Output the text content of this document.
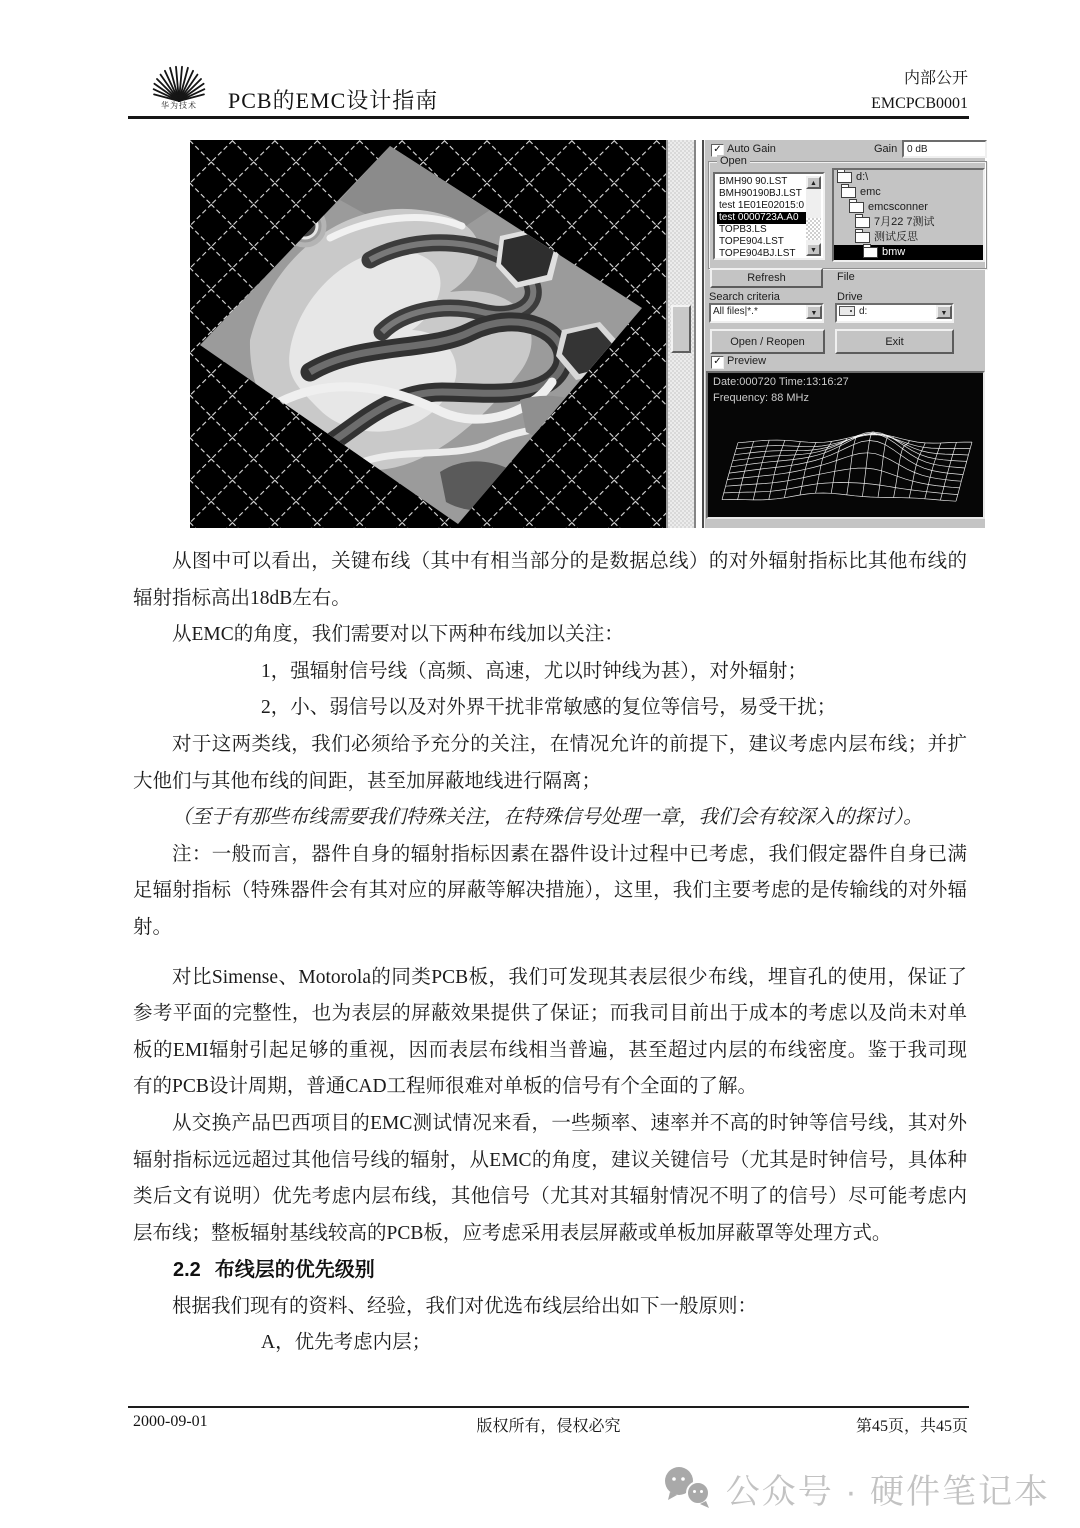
华为技术	PCB的EMC设计指南
内部公开
EMCPCB0001
✓ Auto Gain	Gain 0 dB
Open
BMH90 90.LST
BMH90190BJ.LST
test 1E01E02015:0
test 0000723A.A0
TOPB3.LS
TOPE904.LST
TOPE904BJ.LST
▲
▼
d:\
emc
emcsconner
7月22 7测试
测试反思
bmw
Refresh	File
Search criteria
All files|*.*	▼
Drive
d:	▼
Open / Reopen	Exit
✓ Preview
Date:000720 Time:13:16:27
Frequency: 88 MHz

从图中可以看出，关键布线（其中有相当部分的是数据总线）的对外辐射指标比其他布线的辐射指标高出18dB左右。

从EMC的角度，我们需要对以下两种布线加以关注：

1，强辐射信号线（高频、高速，尤以时钟线为甚），对外辐射；

2，小、弱信号以及对外界干扰非常敏感的复位等信号，易受干扰；

对于这两类线，我们必须给予充分的关注，在情况允许的前提下，建议考虑内层布线；并扩大他们与其他布线的间距，甚至加屏蔽地线进行隔离；

（至于有那些布线需要我们特殊关注，在特殊信号处理一章，我们会有较深入的探讨）。

注：一般而言，器件自身的辐射指标因素在器件设计过程中已考虑，我们假定器件自身已满足辐射指标（特殊器件会有其对应的屏蔽等解决措施），这里，我们主要考虑的是传输线的对外辐射。

对比Simense、Motorola的同类PCB板，我们可发现其表层很少布线，埋盲孔的使用，保证了参考平面的完整性，也为表层的屏蔽效果提供了保证；而我司目前出于成本的考虑以及尚未对单板的EMI辐射引起足够的重视，因而表层布线相当普遍，甚至超过内层的布线密度。鉴于我司现有的PCB设计周期，普通CAD工程师很难对单板的信号有个全面的了解。

从交换产品巴西项目的EMC测试情况来看，一些频率、速率并不高的时钟等信号线，其对外辐射指标远远超过其他信号线的辐射，从EMC的角度，建议关键信号（尤其是时钟信号，具体种类后文有说明）优先考虑内层布线，其他信号（尤其对其辐射情况不明了的信号）尽可能考虑内层布线；整板辐射基线较高的PCB板，应考虑采用表层屏蔽或单板加屏蔽罩等处理方式。

2.2 布线层的优先级别

根据我们现有的资料、经验，我们对优选布线层给出如下一般原则：

A，优先考虑内层；

2000-09-01	版权所有，侵权必究	第45页，共45页
公众号 · 硬件笔记本
